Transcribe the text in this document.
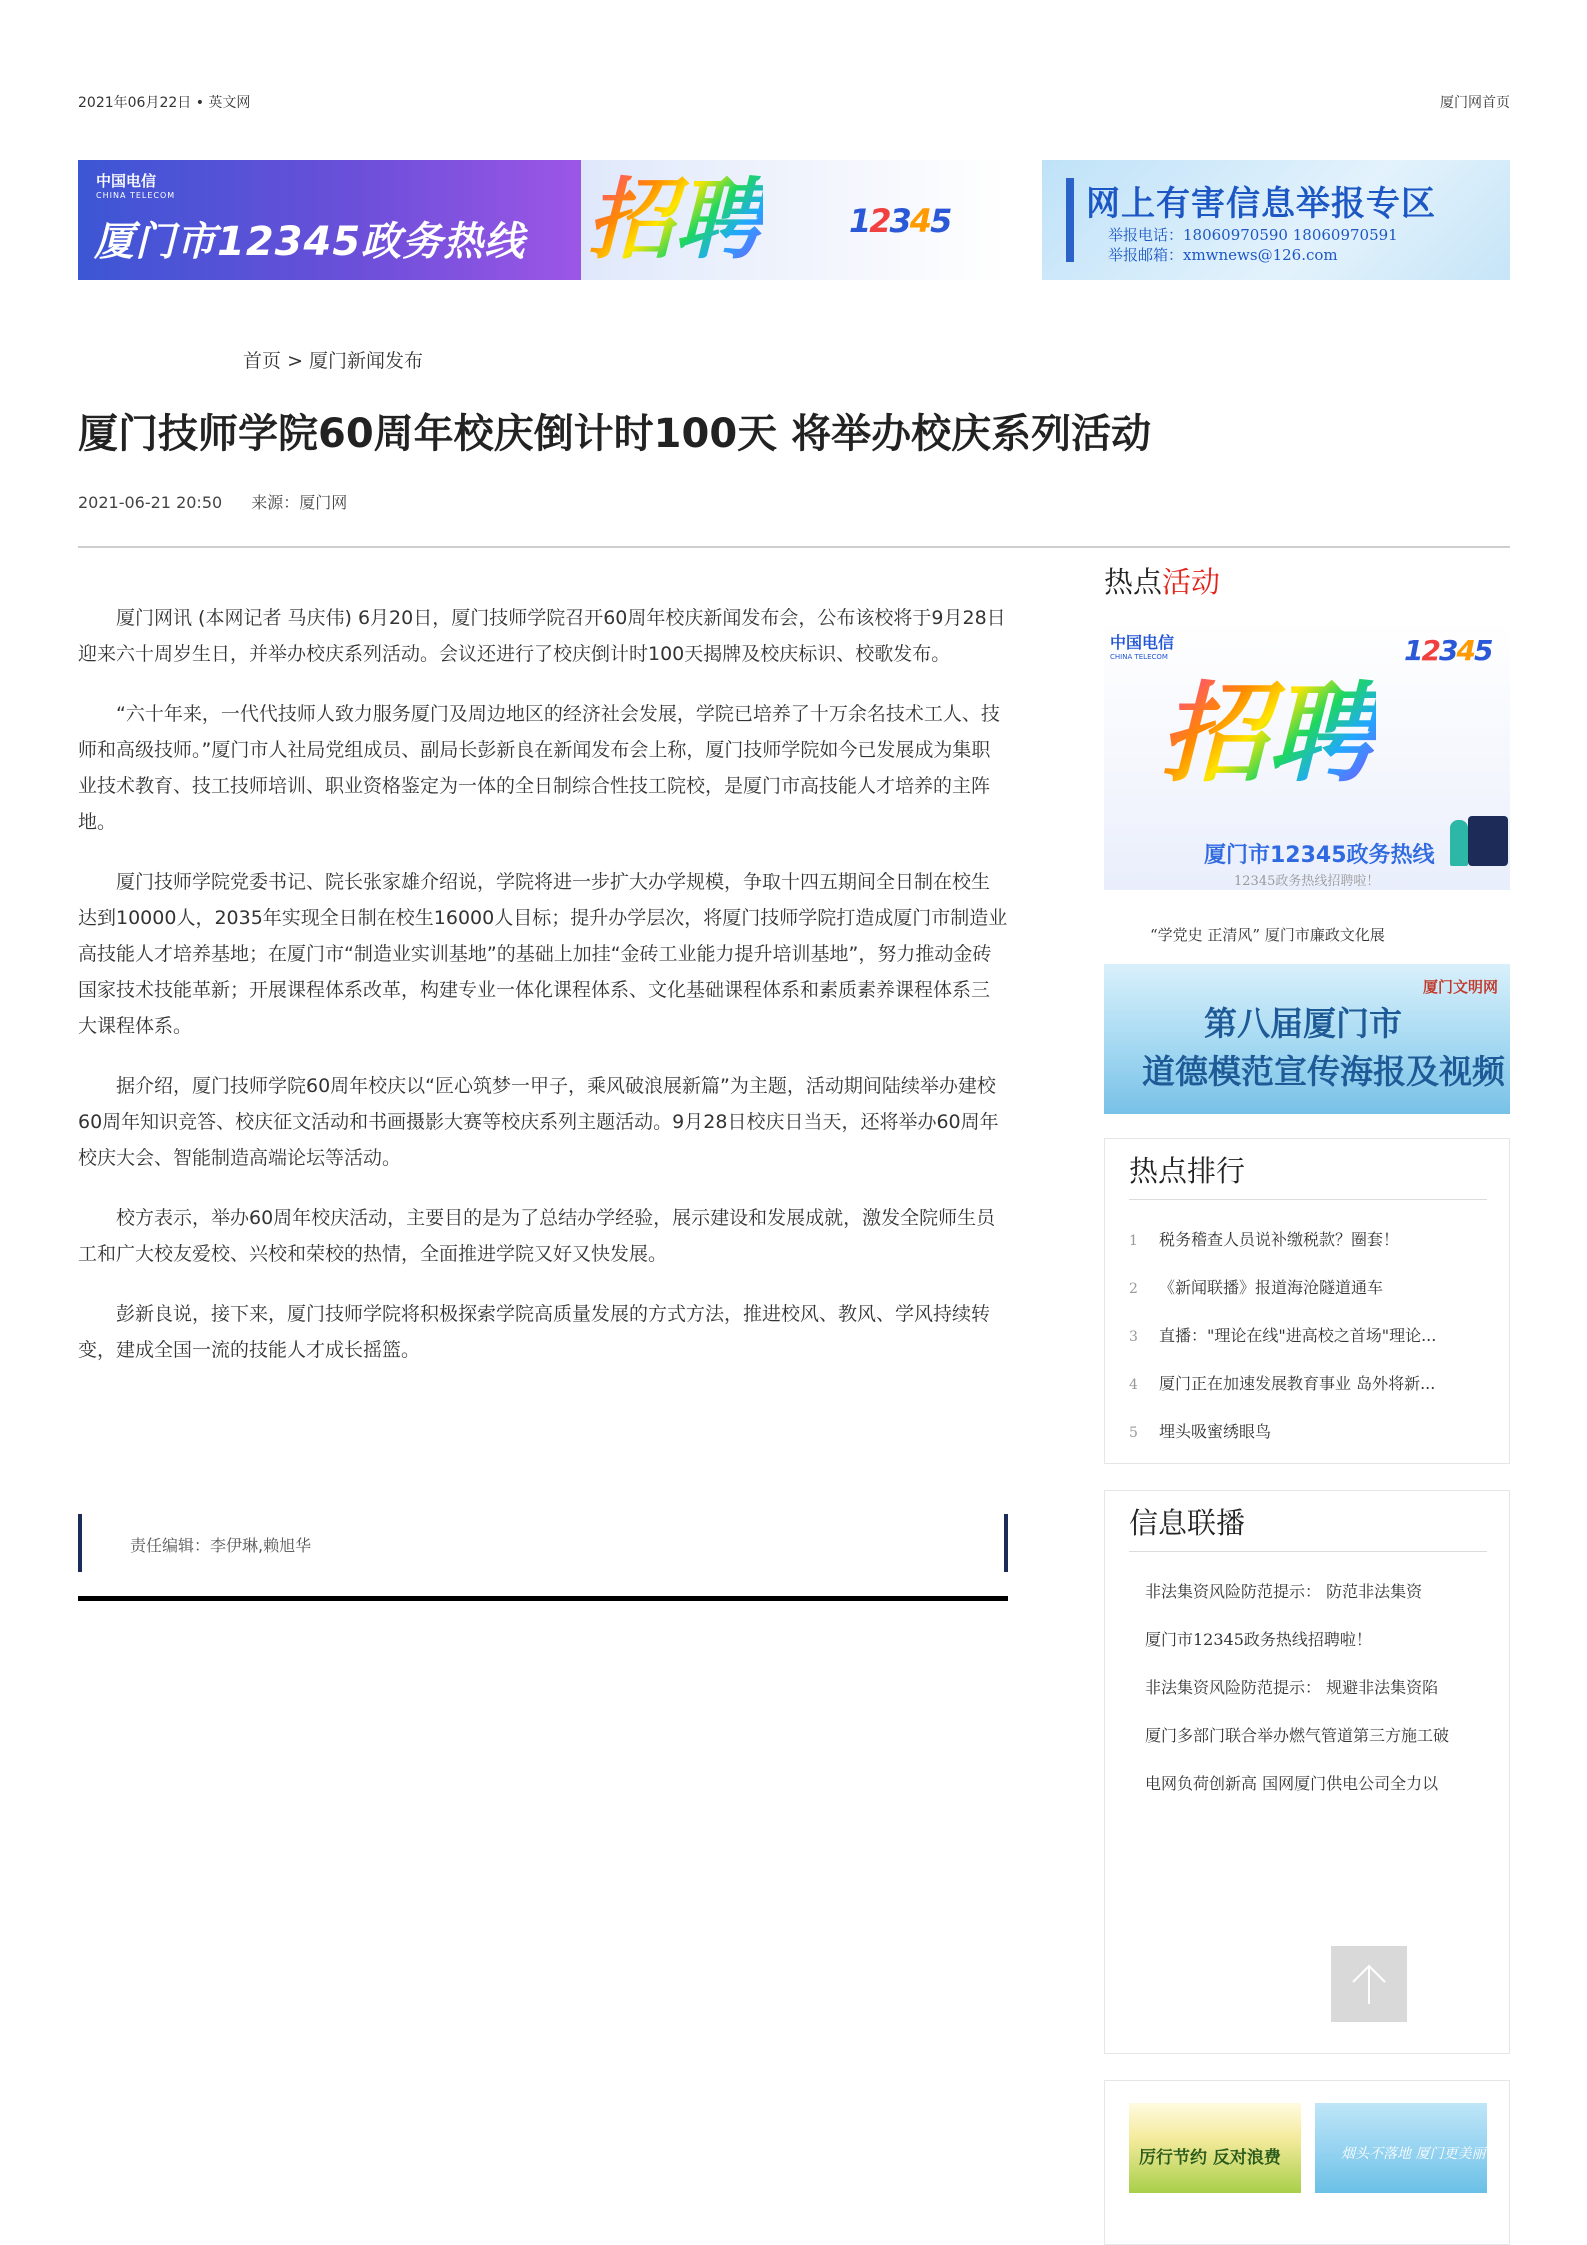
2021年06月22日 • 英文网	厦门网首页
中国电信
CHINA TELECOM
厦门市12345政务热线 招聘	12345	网上有害信息举报专区
举报电话：18060970590 18060970591
举报邮箱：xmwnews@126.com
首页 > 厦门新闻发布
厦门技师学院60周年校庆倒计时100天 将举办校庆系列活动
2021-06-21 20:50 来源：厦门网

厦门网讯 (本网记者 马庆伟) 6月20日，厦门技师学院召开60周年校庆新闻发布会，公布该校将于9月28日迎来六十周岁生日，并举办校庆系列活动。会议还进行了校庆倒计时100天揭牌及校庆标识、校歌发布。

“六十年来，一代代技师人致力服务厦门及周边地区的经济社会发展，学院已培养了十万余名技术工人、技师和高级技师。”厦门市人社局党组成员、副局长彭新良在新闻发布会上称，厦门技师学院如今已发展成为集职业技术教育、技工技师培训、职业资格鉴定为一体的全日制综合性技工院校，是厦门市高技能人才培养的主阵地。

厦门技师学院党委书记、院长张家雄介绍说，学院将进一步扩大办学规模，争取十四五期间全日制在校生达到10000人，2035年实现全日制在校生16000人目标；提升办学层次，将厦门技师学院打造成厦门市制造业高技能人才培养基地；在厦门市“制造业实训基地”的基础上加挂“金砖工业能力提升培训基地”，努力推动金砖国家技术技能革新；开展课程体系改革，构建专业一体化课程体系、文化基础课程体系和素质素养课程体系三大课程体系。

据介绍，厦门技师学院60周年校庆以“匠心筑梦一甲子，乘风破浪展新篇”为主题，活动期间陆续举办建校60周年知识竞答、校庆征文活动和书画摄影大赛等校庆系列主题活动。9月28日校庆日当天，还将举办60周年校庆大会、智能制造高端论坛等活动。

校方表示，举办60周年校庆活动，主要目的是为了总结办学经验，展示建设和发展成就，激发全院师生员工和广大校友爱校、兴校和荣校的热情，全面推进学院又好又快发展。

彭新良说，接下来，厦门技师学院将积极探索学院高质量发展的方式方法，推进校风、教风、学风持续转变，建成全国一流的技能人才成长摇篮。

责任编辑：李伊琳,赖旭华
热点活动
中国电信
CHINA TELECOM	12345
招聘
厦门市12345政务热线
12345政务热线招聘啦！
“学党史 正清风” 厦门市廉政文化展
厦门文明网
第八届厦门市
道德模范宣传海报及视频
热点排行
1 税务稽查人员说补缴税款？圈套！
2 《新闻联播》报道海沧隧道通车
3 直播："理论在线"进高校之首场"理论...
4 厦门正在加速发展教育事业 岛外将新...
5 埋头吸蜜绣眼鸟
信息联播
非法集资风险防范提示： 防范非法集资
厦门市12345政务热线招聘啦！
非法集资风险防范提示： 规避非法集资陷
厦门多部门联合举办燃气管道第三方施工破
电网负荷创新高 国网厦门供电公司全力以
厉行节约 反对浪费	烟头不落地 厦门更美丽
